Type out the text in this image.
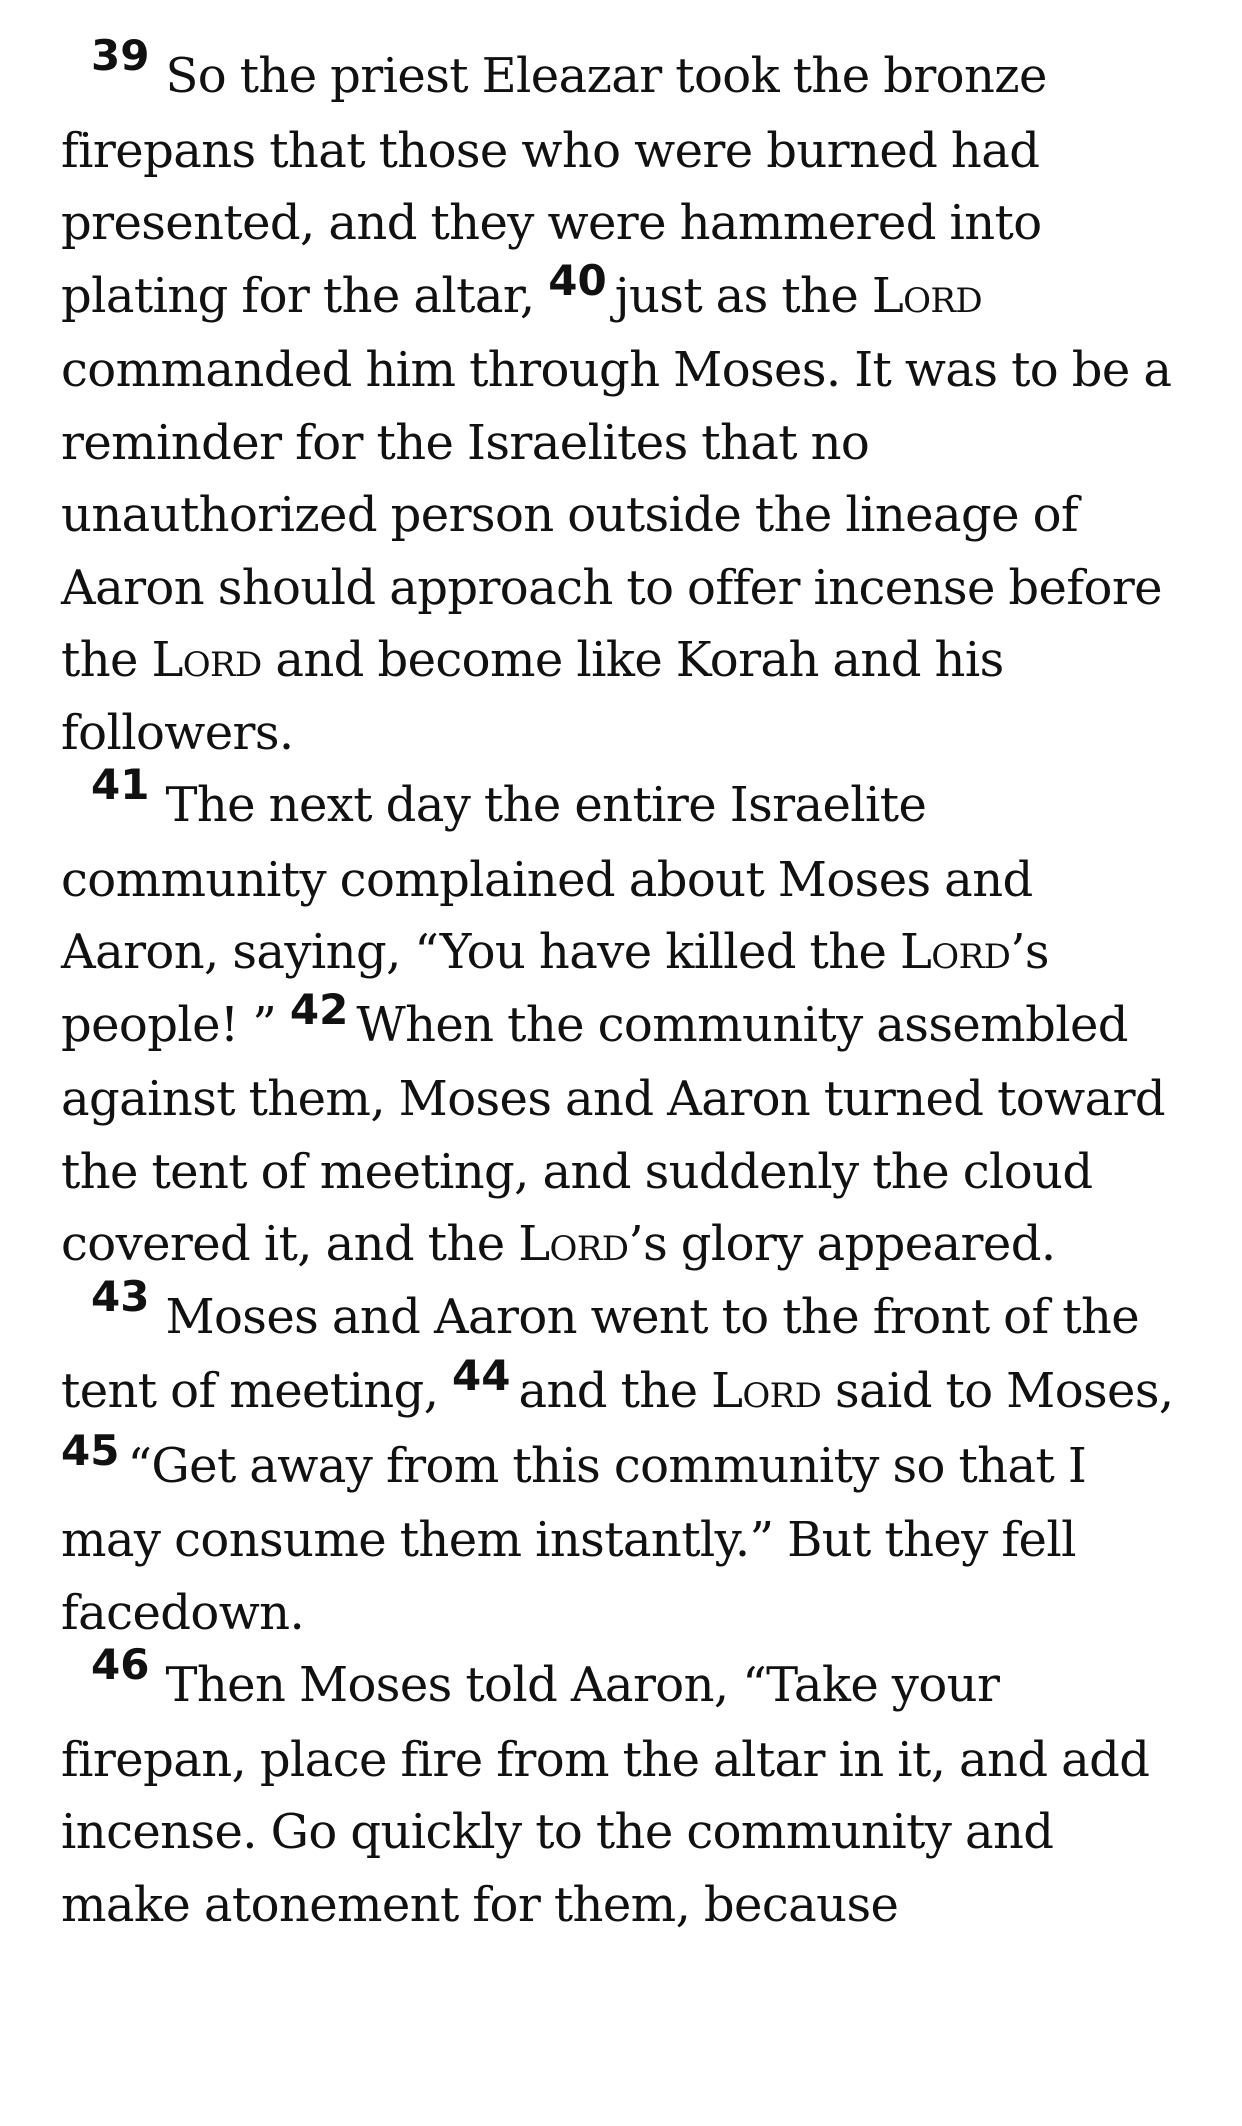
39 So the priest Eleazar took the bronze firepans that those who were burned had presented, and they were hammered into plating for the altar, 40 just as the Lord commanded him through Moses. It was to be a reminder for the Israelites that no unauthorized person outside the lineage of Aaron should approach to offer incense before the Lord and become like Korah and his followers.

41 The next day the entire Israelite community complained about Moses and Aaron, saying, “You have killed the Lord’s people! ” 42 When the community assembled against them, Moses and Aaron turned toward the tent of meeting, and suddenly the cloud covered it, and the Lord’s glory appeared.

43 Moses and Aaron went to the front of the tent of meeting, 44 and the Lord said to Moses, 45 “Get away from this community so that I may consume them instantly.” But they fell facedown.

46 Then Moses told Aaron, “Take your firepan, place fire from the altar in it, and add incense. Go quickly to the community and make atonement for them, because
